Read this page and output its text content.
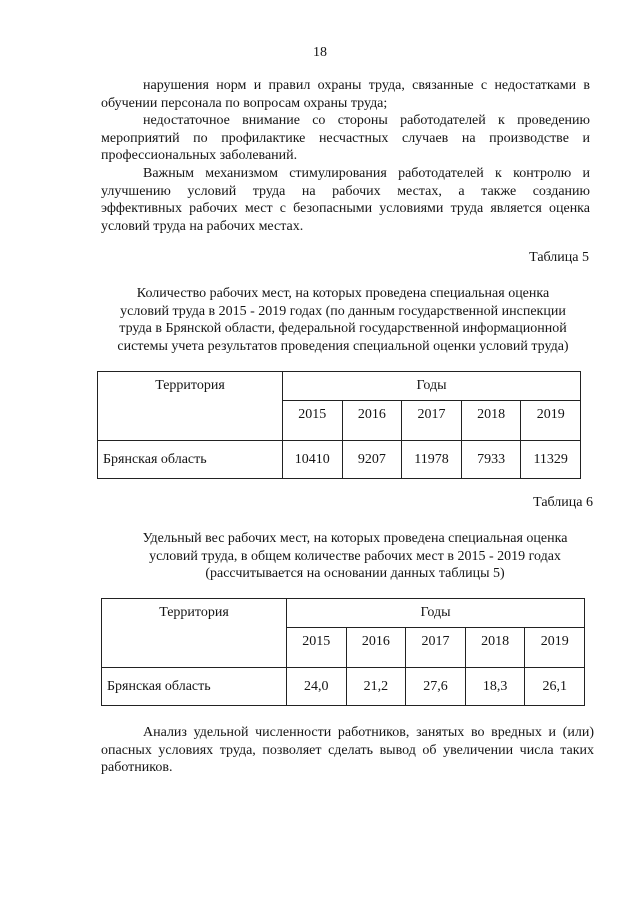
18
нарушения норм и правил охраны труда, связанные с недостатками в
обучении персонала по вопросам охраны труда;
недостаточное внимание со стороны работодателей к проведению
мероприятий по профилактике несчастных случаев на производстве и
профессиональных заболеваний.
Важным механизмом стимулирования работодателей к контролю и
улучшению условий труда на рабочих местах, а также созданию
эффективных рабочих мест с безопасными условиями труда является оценка
условий труда на рабочих местах.
Таблица 5
Количество рабочих мест, на которых проведена специальная оценка
условий труда в 2015 - 2019 годах (по данным государственной инспекции
труда в Брянской области, федеральной государственной информационной
системы учета результатов проведения специальной оценки условий труда)
Территория	Годы				
	2015	2016	2017	2018	2019
Брянская область	10410	9207	11978	7933	11329
Таблица 6
Удельный вес рабочих мест, на которых проведена специальная оценка
условий труда, в общем количестве рабочих мест в 2015 - 2019 годах
(рассчитывается на основании данных таблицы 5)
Территория	Годы				
	2015	2016	2017	2018	2019
Брянская область	24,0	21,2	27,6	18,3	26,1
Анализ удельной численности работников, занятых во вредных и (или)
опасных условиях труда, позволяет сделать вывод об увеличении числа таких
работников.
